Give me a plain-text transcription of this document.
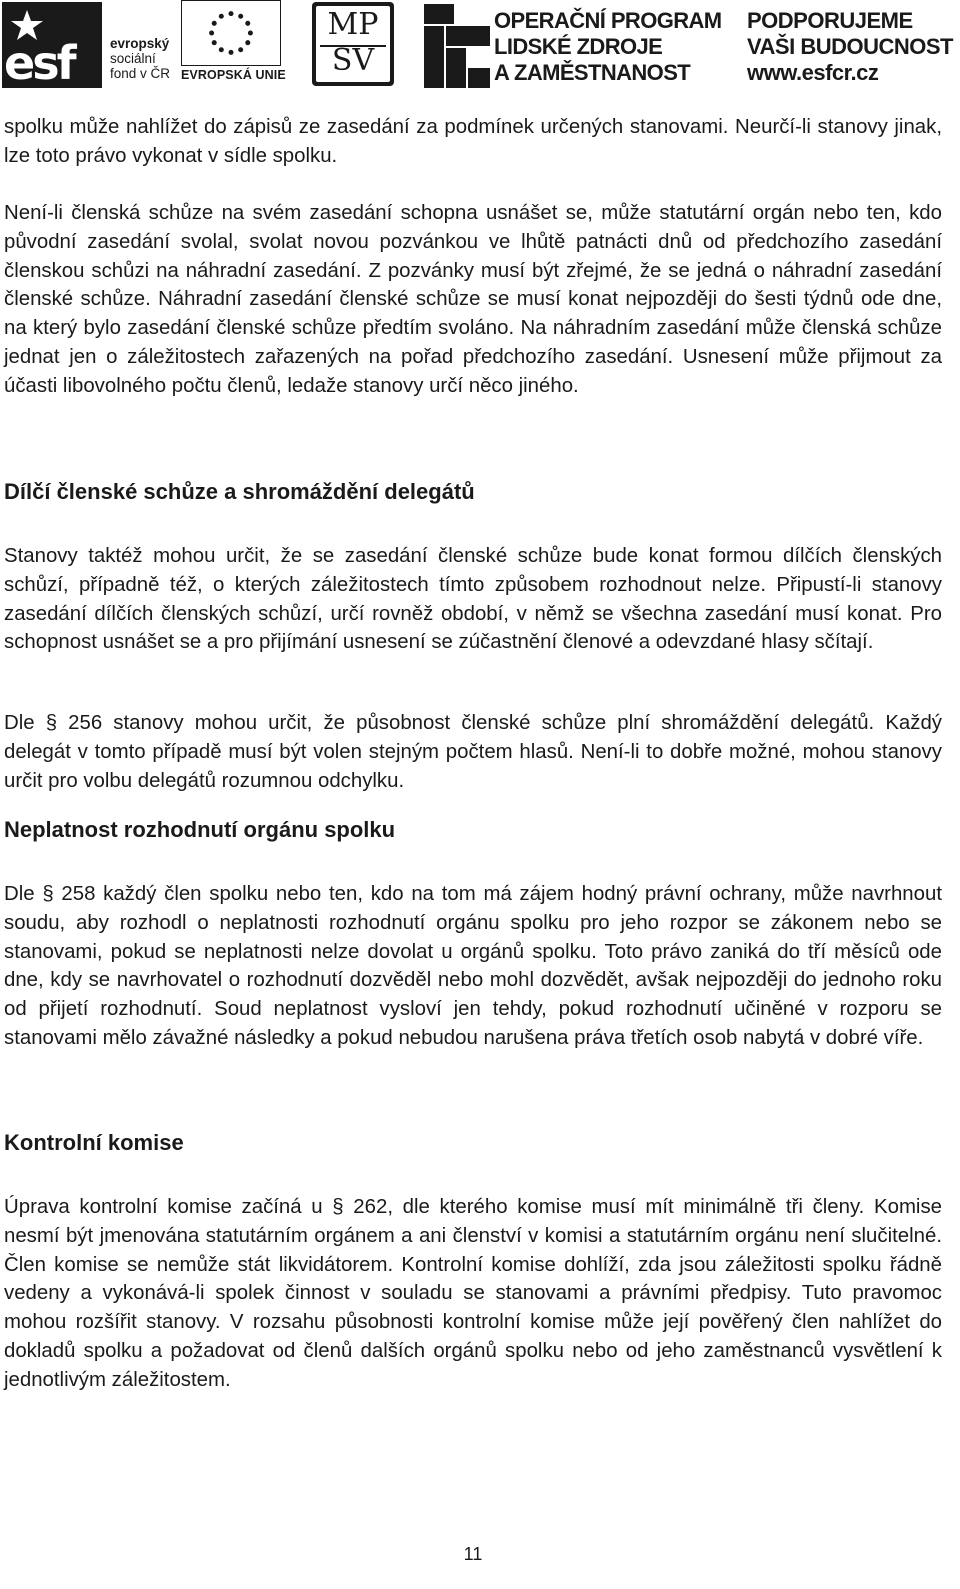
esf	evropský
sociální
fond v ČR EVROPSKÁ UNIE
MP
SV
OPERAČNÍ PROGRAM
LIDSKÉ ZDROJE
A ZAMĚSTNANOST
PODPORUJEME
VAŠI BUDOUCNOST
www.esfcr.cz

spolku může nahlížet do zápisů ze zasedání za podmínek určených stanovami. Neurčí-li stanovy jinak, lze toto právo vykonat v sídle spolku.

Není-li členská schůze na svém zasedání schopna usnášet se, může statutární orgán nebo ten, kdo původní zasedání svolal, svolat novou pozvánkou ve lhůtě patnácti dnů od předchozího zasedání členskou schůzi na náhradní zasedání. Z pozvánky musí být zřejmé, že se jedná o náhradní zasedání členské schůze. Náhradní zasedání členské schůze se musí konat nejpozději do šesti týdnů ode dne, na který bylo zasedání členské schůze předtím svoláno. Na náhradním zasedání může členská schůze jednat jen o záležitostech zařazených na pořad předchozího zasedání. Usnesení může přijmout za účasti libovolného počtu členů, ledaže stanovy určí něco jiného.

Dílčí členské schůze a shromáždění delegátů

Stanovy taktéž mohou určit, že se zasedání členské schůze bude konat formou dílčích členských schůzí, případně též, o kterých záležitostech tímto způsobem rozhodnout nelze. Připustí-li stanovy zasedání dílčích členských schůzí, určí rovněž období, v němž se všechna zasedání musí konat. Pro schopnost usnášet se a pro přijímání usnesení se zúčastnění členové a odevzdané hlasy sčítají.

Dle § 256 stanovy mohou určit, že působnost členské schůze plní shromáždění delegátů. Každý delegát v tomto případě musí být volen stejným počtem hlasů. Není-li to dobře možné, mohou stanovy určit pro volbu delegátů rozumnou odchylku.

Neplatnost rozhodnutí orgánu spolku

Dle § 258 každý člen spolku nebo ten, kdo na tom má zájem hodný právní ochrany, může navrhnout soudu, aby rozhodl o neplatnosti rozhodnutí orgánu spolku pro jeho rozpor se zákonem nebo se stanovami, pokud se neplatnosti nelze dovolat u orgánů spolku. Toto právo zaniká do tří měsíců ode dne, kdy se navrhovatel o rozhodnutí dozvěděl nebo mohl dozvědět, avšak nejpozději do jednoho roku od přijetí rozhodnutí. Soud neplatnost vysloví jen tehdy, pokud rozhodnutí učiněné v rozporu se stanovami mělo závažné následky a pokud nebudou narušena práva třetích osob nabytá v dobré víře.

Kontrolní komise

Úprava kontrolní komise začíná u § 262, dle kterého komise musí mít minimálně tři členy. Komise nesmí být jmenována statutárním orgánem a ani členství v komisi a statutárním orgánu není slučitelné. Člen komise se nemůže stát likvidátorem. Kontrolní komise dohlíží, zda jsou záležitosti spolku řádně vedeny a vykonává-li spolek činnost v souladu se stanovami a právními předpisy. Tuto pravomoc mohou rozšířit stanovy. V rozsahu působnosti kontrolní komise může její pověřený člen nahlížet do dokladů spolku a požadovat od členů dalších orgánů spolku nebo od jeho zaměstnanců vysvětlení k jednotlivým záležitostem.

11
